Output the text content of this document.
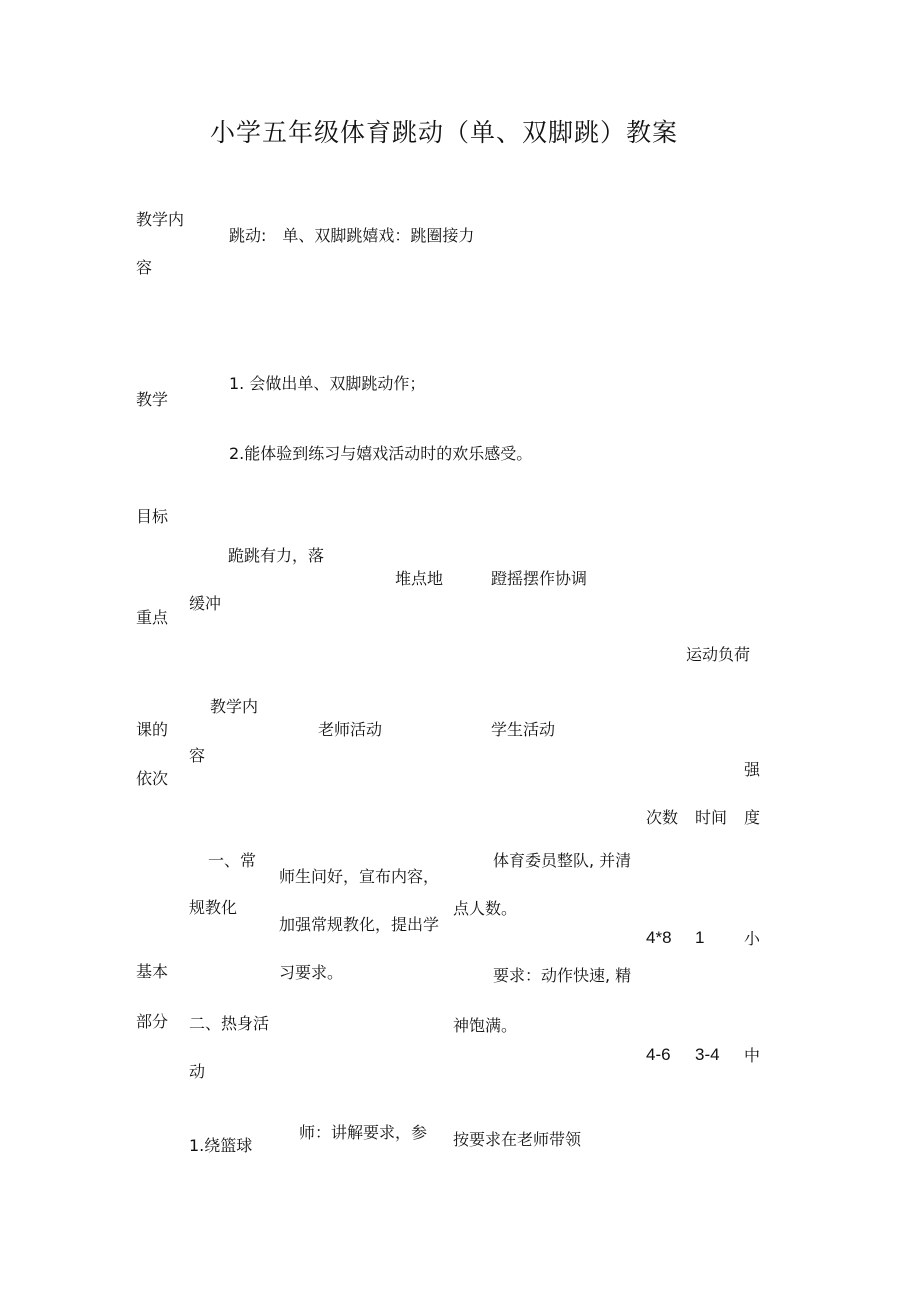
小学五年级体育跳动（单、双脚跳）教案
教学内
容
跳动:　单、双脚跳嬉戏：跳圈接力
教学
目标
1. 会做出单、双脚跳动作；
2.能体验到练习与嬉戏活动时的欢乐感受。
重点
跪跳有力，落
缓冲
堆点地	蹬摇摆作协调
运动负荷
课的
依次
教学内
容
老师活动	学生活动
强
次数 时间 度
基本
部分
一、常
规教化
师生问好，宣布内容，
加强常规教化，提出学
习要求。
体育委员整队, 并清
点人数。
要求：动作快速, 精
神饱满。
4*8 1 小
二、热身活
动
4-6 3-4 中
1.绕篮球
师：讲解要求，参 按要求在老师带领
